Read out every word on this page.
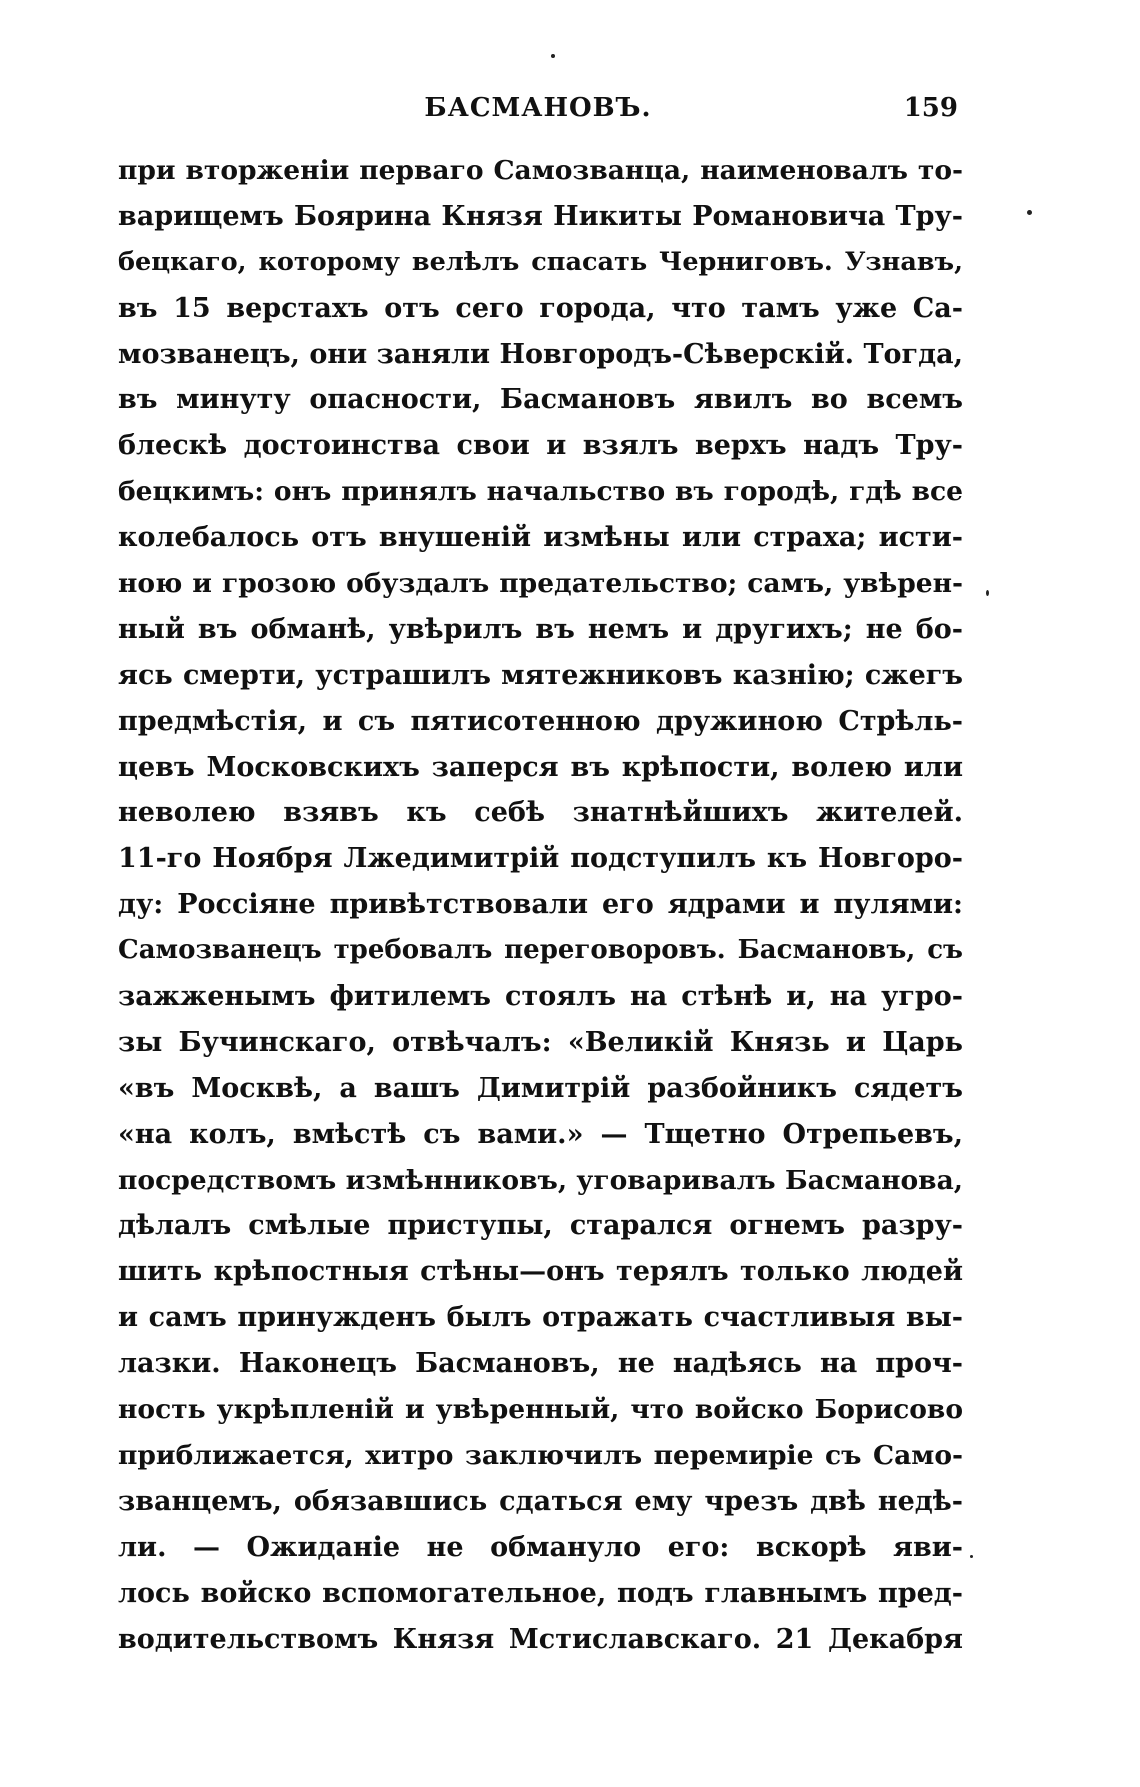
БАСМАНОВЪ.	159
при вторженіи перваго Самозванца, наименовалъ то-
варищемъ Боярина Князя Никиты Романовича Тру-
бецкаго, которому велѣлъ спасать Черниговъ. Узнавъ,
въ 15 верстахъ отъ сего города, что тамъ уже Са-
мозванецъ, они заняли Новгородъ-Сѣверскій. Тогда,
въ минуту опасности, Басмановъ явилъ во всемъ
блескѣ достоинства свои и взялъ верхъ надъ Тру-
бецкимъ: онъ принялъ начальство въ городѣ, гдѣ все
колебалось отъ внушеній измѣны или страха; исти-
ною и грозою обуздалъ предательство; самъ, увѣрен-
ный въ обманѣ, увѣрилъ въ немъ и другихъ; не бо-
ясь смерти, устрашилъ мятежниковъ казнію; сжегъ
предмѣстія, и съ пятисотенною дружиною Стрѣль-
цевъ Московскихъ заперся въ крѣпости, волею или
неволею взявъ къ себѣ знатнѣйшихъ жителей.
11-го Ноября Лжедимитрій подступилъ къ Новгоро-
ду: Россіяне привѣтствовали его ядрами и пулями:
Самозванецъ требовалъ переговоровъ. Басмановъ, съ
зажженымъ фитилемъ стоялъ на стѣнѣ и, на угро-
зы Бучинскаго, отвѣчалъ: «Великій Князь и Царь
«въ Москвѣ, а вашъ Димитрій разбойникъ сядетъ
«на колъ, вмѣстѣ съ вами.» — Тщетно Отрепьевъ,
посредствомъ измѣнниковъ, уговаривалъ Басманова,
дѣлалъ смѣлые приступы, старался огнемъ разру-
шить крѣпостныя стѣны—онъ терялъ только людей
и самъ принужденъ былъ отражать счастливыя вы-
лазки. Наконецъ Басмановъ, не надѣясь на проч-
ность укрѣпленій и увѣренный, что войско Борисово
приближается, хитро заключилъ перемиріе съ Само-
званцемъ, обязавшись сдаться ему чрезъ двѣ недѣ-
ли. — Ожиданіе не обмануло его: вскорѣ яви-
лось войско вспомогательное, подъ главнымъ пред-
водительствомъ Князя Мстиславскаго. 21 Декабря
